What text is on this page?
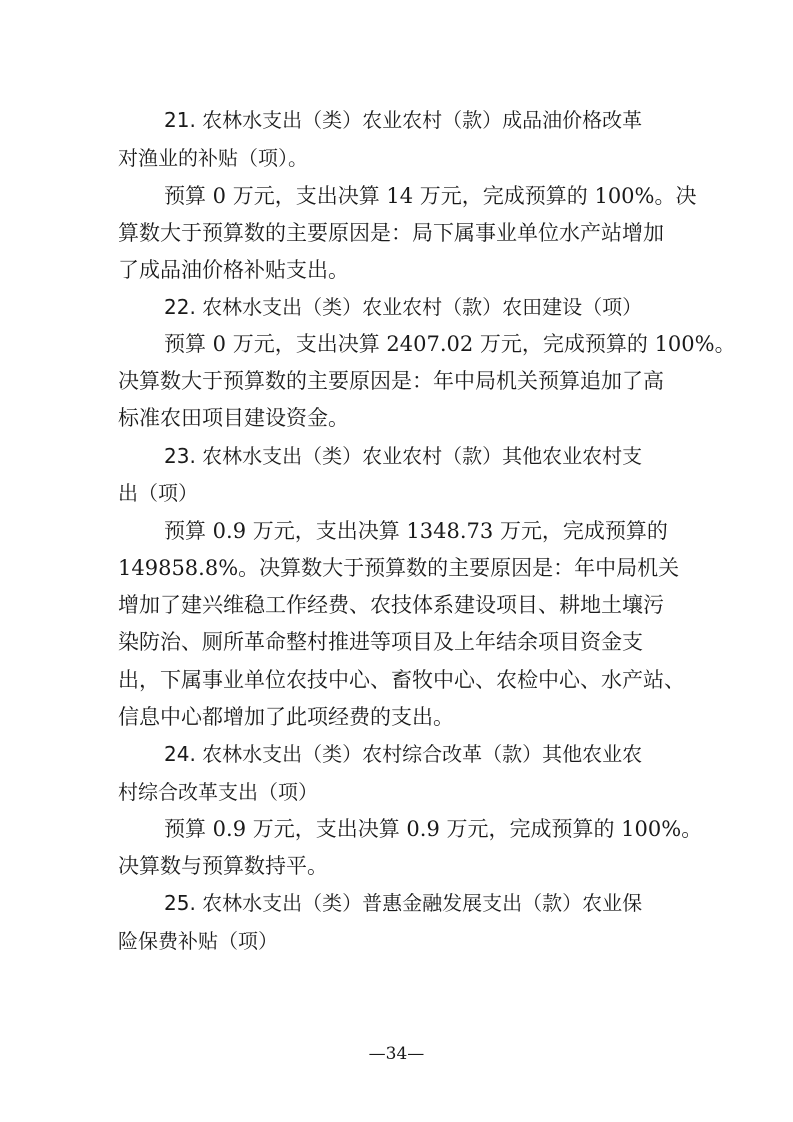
21. 农林水支出（类）农业农村（款）成品油价格改革
对渔业的补贴（项）。
预算 0 万元，支出决算 14 万元，完成预算的 100%。决
算数大于预算数的主要原因是：局下属事业单位水产站增加
了成品油价格补贴支出。
22. 农林水支出（类）农业农村（款）农田建设（项）
预算 0 万元，支出决算 2407.02 万元，完成预算的 100%。
决算数大于预算数的主要原因是：年中局机关预算追加了高
标准农田项目建设资金。
23. 农林水支出（类）农业农村（款）其他农业农村支
出（项）
预算 0.9 万元，支出决算 1348.73 万元，完成预算的
149858.8%。决算数大于预算数的主要原因是：年中局机关
增加了建兴维稳工作经费、农技体系建设项目、耕地土壤污
染防治、厕所革命整村推进等项目及上年结余项目资金支
出，下属事业单位农技中心、畜牧中心、农检中心、水产站、
信息中心都增加了此项经费的支出。
24. 农林水支出（类）农村综合改革（款）其他农业农
村综合改革支出（项）
预算 0.9 万元，支出决算 0.9 万元，完成预算的 100%。
决算数与预算数持平。
25. 农林水支出（类）普惠金融发展支出（款）农业保
险保费补贴（项）
—34—
